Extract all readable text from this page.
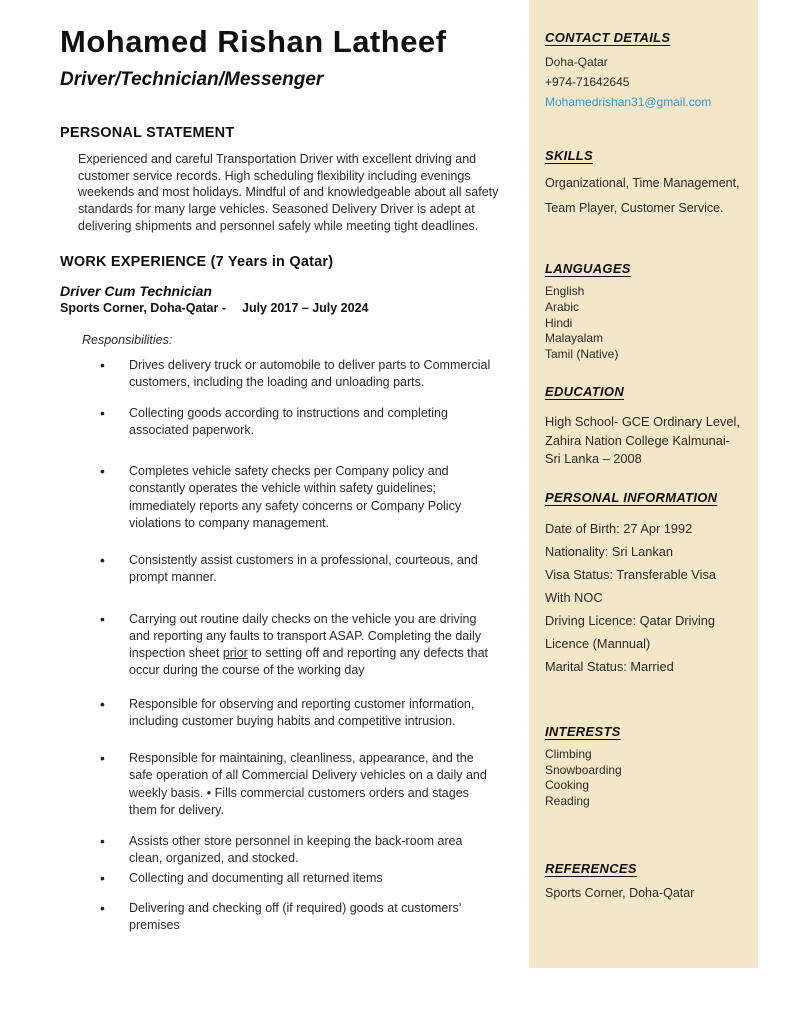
Mohamed Rishan Latheef
Driver/Technician/Messenger
PERSONAL STATEMENT
Experienced and careful Transportation Driver with excellent driving and customer service records. High scheduling flexibility including evenings weekends and most holidays. Mindful of and knowledgeable about all safety standards for many large vehicles. Seasoned Delivery Driver is adept at delivering shipments and personnel safely while meeting tight deadlines.
WORK EXPERIENCE (7 Years in Qatar)
Driver Cum Technician
Sports Corner, Doha-Qatar - July 2017 – July 2024
Responsibilities:
• Drives delivery truck or automobile to deliver parts to Commercial customers, including the loading and unloading parts.
• Collecting goods according to instructions and completing associated paperwork.
• Completes vehicle safety checks per Company policy and constantly operates the vehicle within safety guidelines; immediately reports any safety concerns or Company Policy violations to company management.
• Consistently assist customers in a professional, courteous, and prompt manner.
• Carrying out routine daily checks on the vehicle you are driving and reporting any faults to transport ASAP. Completing the daily inspection sheet prior to setting off and reporting any defects that occur during the course of the working day
• Responsible for observing and reporting customer information, including customer buying habits and competitive intrusion.
• Responsible for maintaining, cleanliness, appearance, and the safe operation of all Commercial Delivery vehicles on a daily and weekly basis. • Fills commercial customers orders and stages them for delivery.
• Assists other store personnel in keeping the back-room area clean, organized, and stocked.
• Collecting and documenting all returned items
• Delivering and checking off (if required) goods at customers’ premises
CONTACT DETAILS
Doha-Qatar
+974-71642645
Mohamedrishan31@gmail.com
SKILLS
Organizational, Time Management, Team Player, Customer Service.
LANGUAGES
English
Arabic
Hindi
Malayalam
Tamil (Native)
EDUCATION
High School- GCE Ordinary Level, Zahira Nation College Kalmunai- Sri Lanka – 2008
PERSONAL INFORMATION
Date of Birth: 27 Apr 1992
Nationality: Sri Lankan
Visa Status: Transferable Visa With NOC
Driving Licence: Qatar Driving Licence (Mannual)
Marital Status: Married
INTERESTS
Climbing
Snowboarding
Cooking
Reading
REFERENCES
Sports Corner, Doha-Qatar
